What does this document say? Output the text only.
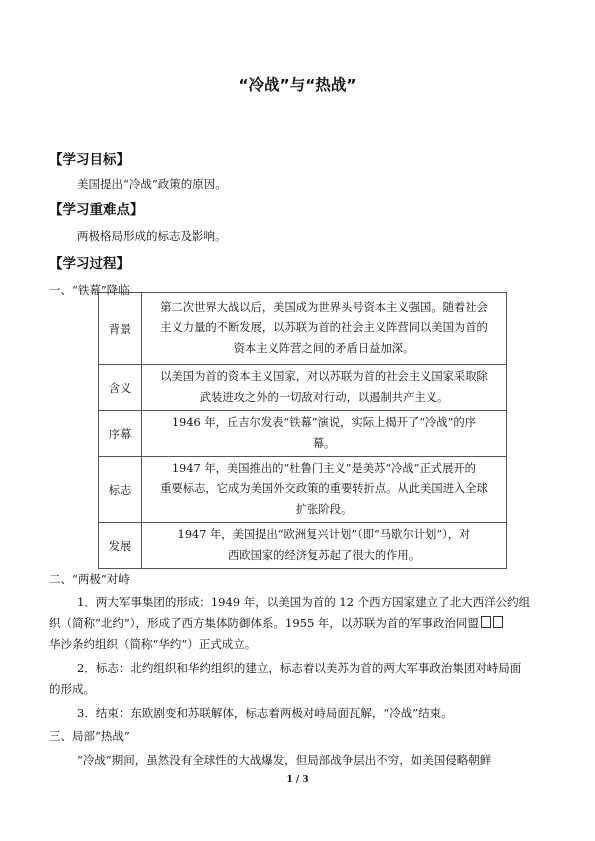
“冷战”与“热战”
【学习目标】
美国提出“冷战”政策的原因。
【学习重难点】
两极格局形成的标志及影响。
【学习过程】
一、“铁幕”降临
背景	第二次世界大战以后，美国成为世界头号资本主义强国。随着社会
主义力量的不断发展，以苏联为首的社会主义阵营同以美国为首的
资本主义阵营之间的矛盾日益加深。

含义	以美国为首的资本主义国家，对以苏联为首的社会主义国家采取除
武装进攻之外的一切敌对行动，以遏制共产主义。

序幕	1946 年，丘吉尔发表“铁幕”演说，实际上揭开了“冷战”的序
幕。

标志	1947 年，美国推出的“杜鲁门主义”是美苏“冷战”正式展开的
重要标志，它成为美国外交政策的重要转折点。从此美国进入全球
扩张阶段。

发展	1947 年，美国提出“欧洲复兴计划”（即“马歇尔计划”），对
西欧国家的经济复苏起了很大的作用。
二、“两极”对峙
1．两大军事集团的形成：1949 年，以美国为首的 12 个西方国家建立了北大西洋公约组
织（简称“北约”），形成了西方集体防御体系。1955 年，以苏联为首的军事政治同盟
华沙条约组织（简称“华约”）正式成立。
2．标志：北约组织和华约组织的建立，标志着以美苏为首的两大军事政治集团对峙局面
的形成。
3．结束：东欧剧变和苏联解体，标志着两极对峙局面瓦解，“冷战”结束。
三、局部“热战”
“冷战”期间，虽然没有全球性的大战爆发，但局部战争层出不穷，如美国侵略朝鲜
1 / 3
